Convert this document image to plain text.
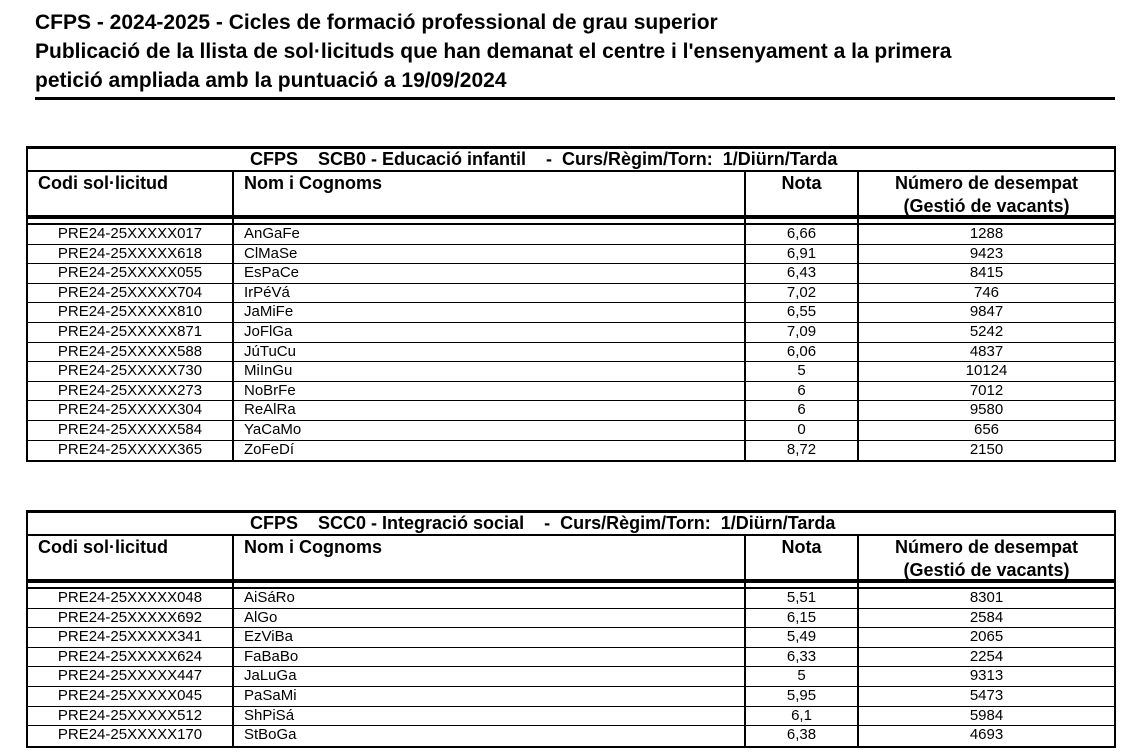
CFPS - 2024-2025 - Cicles de formació professional de grau superior
Publicació de la llista de sol·licituds que han demanat el centre i l'ensenyament a la primera
petició ampliada amb la puntuació a 19/09/2024

CFPS    SCB0 - Educació infantil    -  Curs/Règim/Torn:  1/Diürn/Tarda

Codi sol·licitud	Nom i Cognoms	Nota	Número de desempat
(Gestió de vacants)
PRE24-25XXXXX017	AnGaFe	6,66	1288
PRE24-25XXXXX618	ClMaSe	6,91	9423
PRE24-25XXXXX055	EsPaCe	6,43	8415
PRE24-25XXXXX704	IrPéVá	7,02	746
PRE24-25XXXXX810	JaMiFe	6,55	9847
PRE24-25XXXXX871	JoFlGa	7,09	5242
PRE24-25XXXXX588	JúTuCu	6,06	4837
PRE24-25XXXXX730	MiInGu	5	10124
PRE24-25XXXXX273	NoBrFe	6	7012
PRE24-25XXXXX304	ReAlRa	6	9580
PRE24-25XXXXX584	YaCaMo	0	656
PRE24-25XXXXX365	ZoFeDí	8,72	2150

CFPS    SCC0 - Integració social    -  Curs/Règim/Torn:  1/Diürn/Tarda

Codi sol·licitud	Nom i Cognoms	Nota	Número de desempat
(Gestió de vacants)
PRE24-25XXXXX048	AiSáRo	5,51	8301
PRE24-25XXXXX692	AlGo	6,15	2584
PRE24-25XXXXX341	EzViBa	5,49	2065
PRE24-25XXXXX624	FaBaBo	6,33	2254
PRE24-25XXXXX447	JaLuGa	5	9313
PRE24-25XXXXX045	PaSaMi	5,95	5473
PRE24-25XXXXX512	ShPiSá	6,1	5984
PRE24-25XXXXX170	StBoGa	6,38	4693
